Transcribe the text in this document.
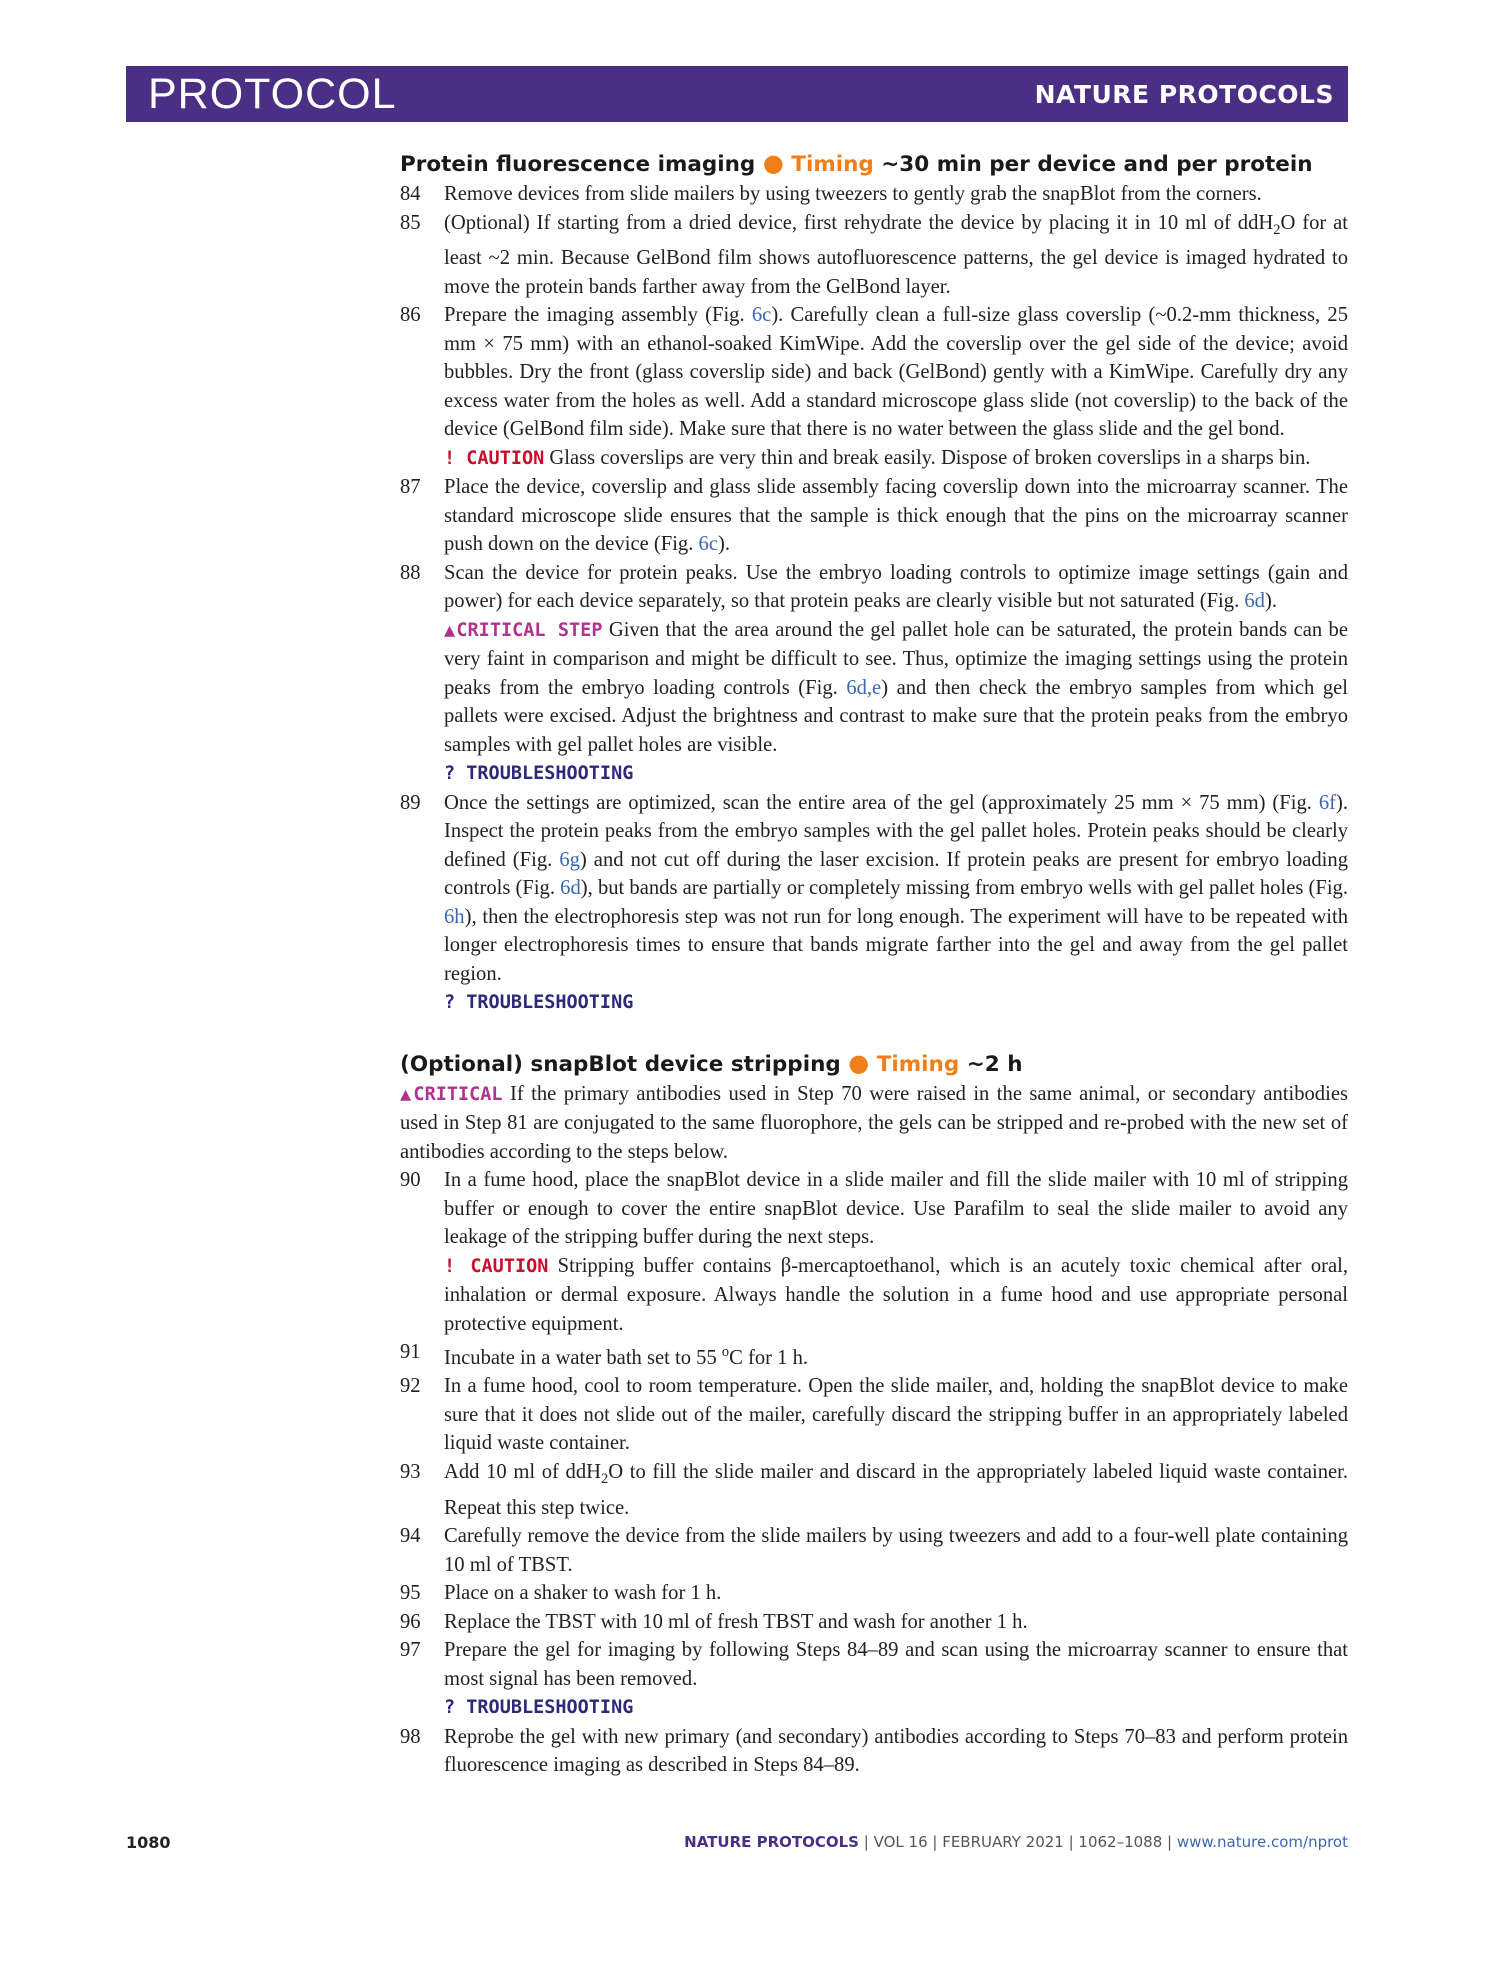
PROTOCOL	NATURE PROTOCOLS
Protein fluorescence imaging ● Timing ~30 min per device and per protein
84	Remove devices from slide mailers by using tweezers to gently grab the snapBlot from the corners.
85	(Optional) If starting from a dried device, first rehydrate the device by placing it in 10 ml of ddH$_2$O for at least ~2 min. Because GelBond film shows autofluorescence patterns, the gel device is imaged hydrated to move the protein bands farther away from the GelBond layer.
86	Prepare the imaging assembly (Fig. 6c). Carefully clean a full-size glass coverslip (~0.2-mm thickness, 25 mm × 75 mm) with an ethanol-soaked KimWipe. Add the coverslip over the gel side of the device; avoid bubbles. Dry the front (glass coverslip side) and back (GelBond) gently with a KimWipe. Carefully dry any excess water from the holes as well. Add a standard microscope glass slide (not coverslip) to the back of the device (GelBond film side). Make sure that there is no water between the glass slide and the gel bond.
! CAUTION Glass coverslips are very thin and break easily. Dispose of broken coverslips in a sharps bin.
87	Place the device, coverslip and glass slide assembly facing coverslip down into the microarray scanner. The standard microscope slide ensures that the sample is thick enough that the pins on the microarray scanner push down on the device (Fig. 6c).
88	Scan the device for protein peaks. Use the embryo loading controls to optimize image settings (gain and power) for each device separately, so that protein peaks are clearly visible but not saturated (Fig. 6d).
▲CRITICAL STEP Given that the area around the gel pallet hole can be saturated, the protein bands can be very faint in comparison and might be difficult to see. Thus, optimize the imaging settings using the protein peaks from the embryo loading controls (Fig. 6d,e) and then check the embryo samples from which gel pallets were excised. Adjust the brightness and contrast to make sure that the protein peaks from the embryo samples with gel pallet holes are visible.
? TROUBLESHOOTING
89	Once the settings are optimized, scan the entire area of the gel (approximately 25 mm × 75 mm) (Fig. 6f). Inspect the protein peaks from the embryo samples with the gel pallet holes. Protein peaks should be clearly defined (Fig. 6g) and not cut off during the laser excision. If protein peaks are present for embryo loading controls (Fig. 6d), but bands are partially or completely missing from embryo wells with gel pallet holes (Fig. 6h), then the electrophoresis step was not run for long enough. The experiment will have to be repeated with longer electrophoresis times to ensure that bands migrate farther into the gel and away from the gel pallet region.
? TROUBLESHOOTING
(Optional) snapBlot device stripping ● Timing ~2 h
▲CRITICAL If the primary antibodies used in Step 70 were raised in the same animal, or secondary antibodies used in Step 81 are conjugated to the same fluorophore, the gels can be stripped and re-probed with the new set of antibodies according to the steps below.
90	In a fume hood, place the snapBlot device in a slide mailer and fill the slide mailer with 10 ml of stripping buffer or enough to cover the entire snapBlot device. Use Parafilm to seal the slide mailer to avoid any leakage of the stripping buffer during the next steps.
! CAUTION Stripping buffer contains β-mercaptoethanol, which is an acutely toxic chemical after oral, inhalation or dermal exposure. Always handle the solution in a fume hood and use appropriate personal protective equipment.
91	Incubate in a water bath set to 55 $^o$C for 1 h.
92	In a fume hood, cool to room temperature. Open the slide mailer, and, holding the snapBlot device to make sure that it does not slide out of the mailer, carefully discard the stripping buffer in an appropriately labeled liquid waste container.
93	Add 10 ml of ddH$_2$O to fill the slide mailer and discard in the appropriately labeled liquid waste container. Repeat this step twice.
94	Carefully remove the device from the slide mailers by using tweezers and add to a four-well plate containing 10 ml of TBST.
95	Place on a shaker to wash for 1 h.
96	Replace the TBST with 10 ml of fresh TBST and wash for another 1 h.
97	Prepare the gel for imaging by following Steps 84–89 and scan using the microarray scanner to ensure that most signal has been removed.
? TROUBLESHOOTING
98	Reprobe the gel with new primary (and secondary) antibodies according to Steps 70–83 and perform protein fluorescence imaging as described in Steps 84–89.
1080	NATURE PROTOCOLS | VOL 16 | FEBRUARY 2021 | 1062–1088 | www.nature.com/nprot
